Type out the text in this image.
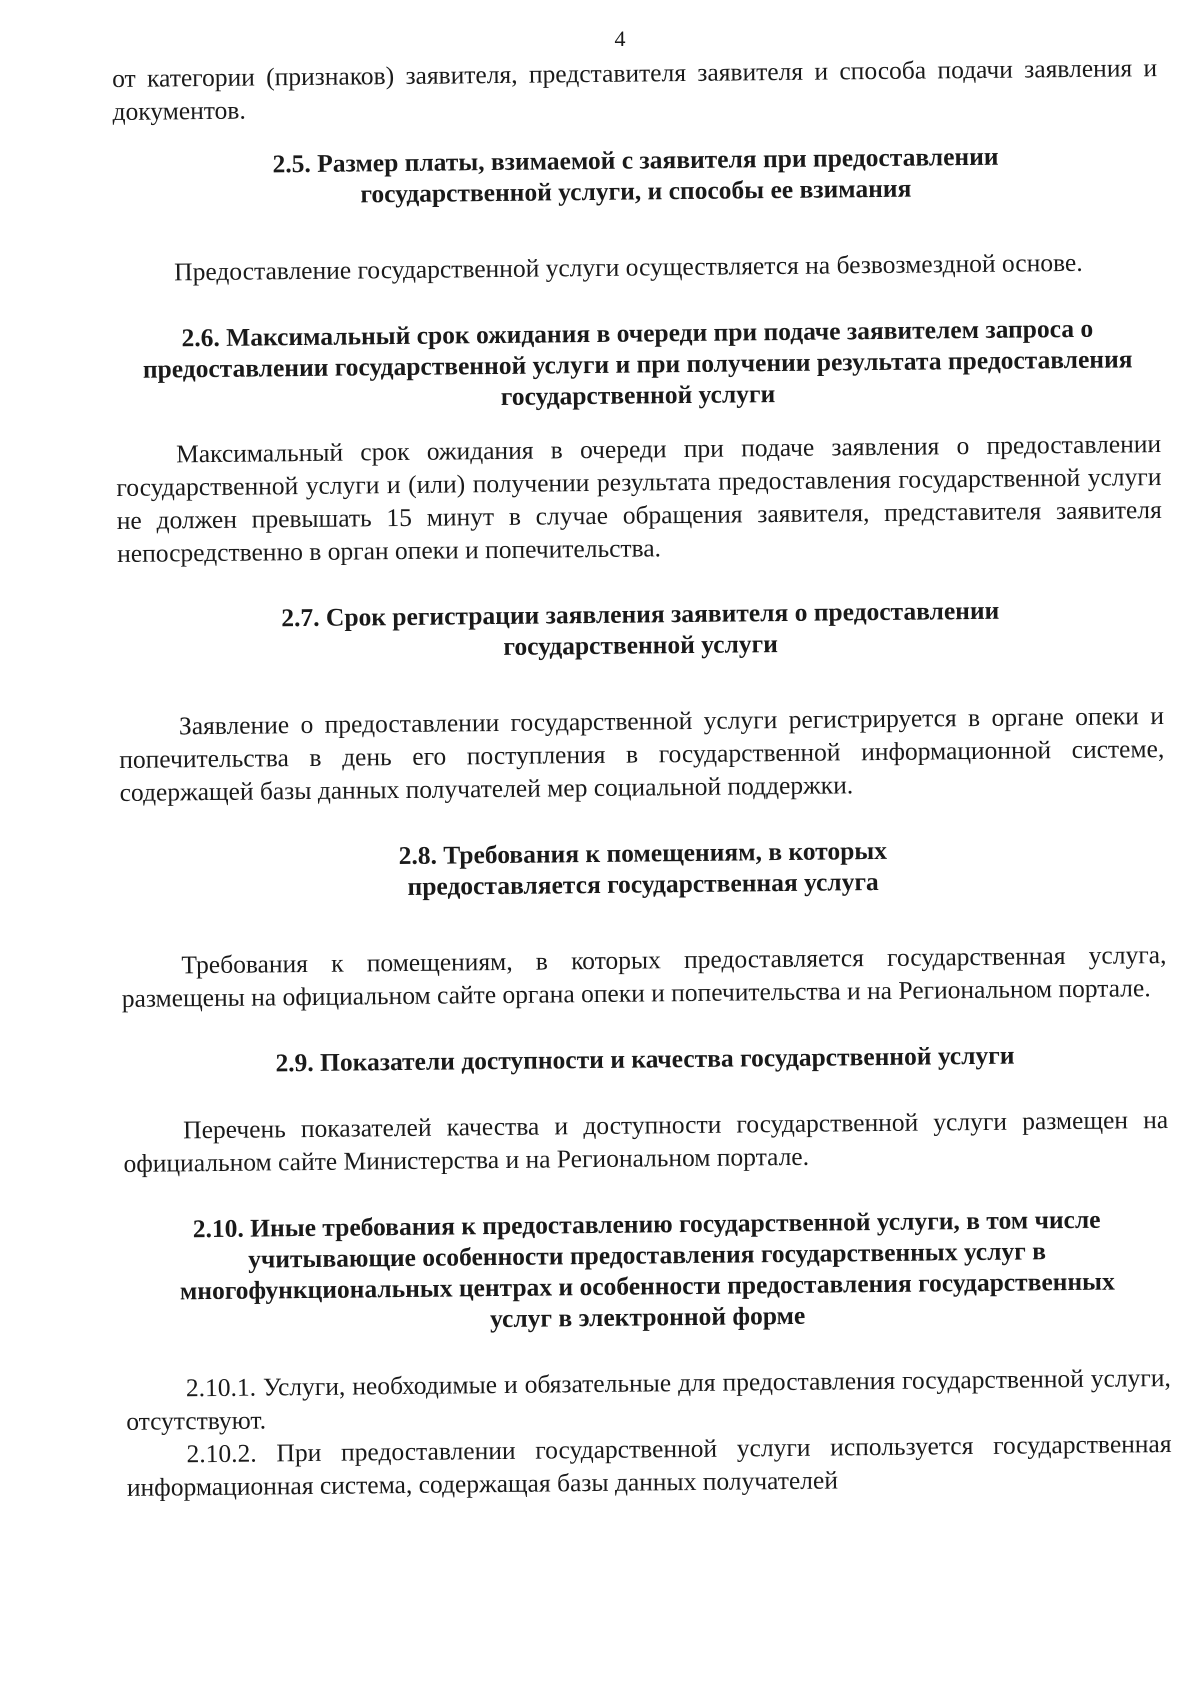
4

от категории (признаков) заявителя, представителя заявителя и способа подачи заявления и документов.

2.5. Размер платы, взимаемой с заявителя при предоставлении государственной услуги, и способы ее взимания

Предоставление государственной услуги осуществляется на безвозмездной основе.

2.6. Максимальный срок ожидания в очереди при подаче заявителем запроса о предоставлении государственной услуги и при получении результата предоставления государственной услуги

Максимальный срок ожидания в очереди при подаче заявления о предоставлении государственной услуги и (или) получении результата предоставления государственной услуги не должен превышать 15 минут в случае обращения заявителя, представителя заявителя непосредственно в орган опеки и попечительства.

2.7. Срок регистрации заявления заявителя о предоставлении государственной услуги

Заявление о предоставлении государственной услуги регистрируется в органе опеки и попечительства в день его поступления в государственной информационной системе, содержащей базы данных получателей мер социальной поддержки.

2.8. Требования к помещениям, в которых предоставляется государственная услуга

Требования к помещениям, в которых предоставляется государственная услуга, размещены на официальном сайте органа опеки и попечительства и на Региональном портале.

2.9. Показатели доступности и качества государственной услуги

Перечень показателей качества и доступности государственной услуги размещен на официальном сайте Министерства и на Региональном портале.

2.10. Иные требования к предоставлению государственной услуги, в том числе учитывающие особенности предоставления государственных услуг в многофункциональных центрах и особенности предоставления государственных услуг в электронной форме

2.10.1. Услуги, необходимые и обязательные для предоставления государственной услуги, отсутствуют.

2.10.2. При предоставлении государственной услуги используется государственная информационная система, содержащая базы данных получателей
